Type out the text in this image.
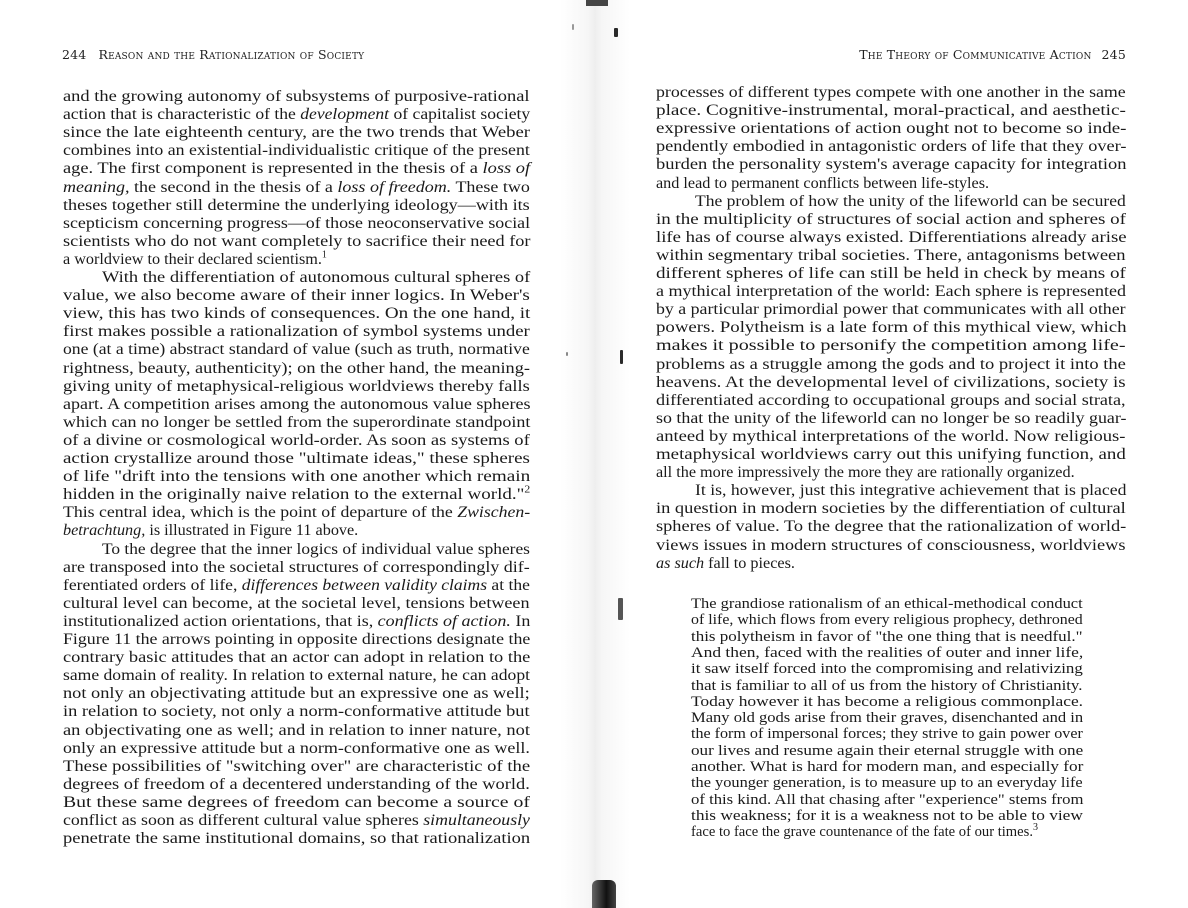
244 Reason and the Rationalization of Society
and the growing autonomy of subsystems of purposive-rational
action that is characteristic of the development of capitalist society
since the late eighteenth century, are the two trends that Weber
combines into an existential-individualistic critique of the present
age. The first component is represented in the thesis of a loss of
meaning, the second in the thesis of a loss of freedom. These two
theses together still determine the underlying ideology—with its
scepticism concerning progress—of those neoconservative social
scientists who do not want completely to sacrifice their need for
a worldview to their declared scientism.$^1$
With the differentiation of autonomous cultural spheres of
value, we also become aware of their inner logics. In Weber's
view, this has two kinds of consequences. On the one hand, it
first makes possible a rationalization of symbol systems under
one (at a time) abstract standard of value (such as truth, normative
rightness, beauty, authenticity); on the other hand, the meaning-
giving unity of metaphysical-religious worldviews thereby falls
apart. A competition arises among the autonomous value spheres
which can no longer be settled from the superordinate standpoint
of a divine or cosmological world-order. As soon as systems of
action crystallize around those "ultimate ideas," these spheres
of life "drift into the tensions with one another which remain
hidden in the originally naive relation to the external world."$^2$
This central idea, which is the point of departure of the Zwischen-
betrachtung, is illustrated in Figure 11 above.
To the degree that the inner logics of individual value spheres
are transposed into the societal structures of correspondingly dif-
ferentiated orders of life, differences between validity claims at the
cultural level can become, at the societal level, tensions between
institutionalized action orientations, that is, conflicts of action. In
Figure 11 the arrows pointing in opposite directions designate the
contrary basic attitudes that an actor can adopt in relation to the
same domain of reality. In relation to external nature, he can adopt
not only an objectivating attitude but an expressive one as well;
in relation to society, not only a norm-conformative attitude but
an objectivating one as well; and in relation to inner nature, not
only an expressive attitude but a norm-conformative one as well.
These possibilities of "switching over" are characteristic of the
degrees of freedom of a decentered understanding of the world.
But these same degrees of freedom can become a source of
conflict as soon as different cultural value spheres simultaneously
penetrate the same institutional domains, so that rationalization
The Theory of Communicative Action 245
processes of different types compete with one another in the same
place. Cognitive-instrumental, moral-practical, and aesthetic-
expressive orientations of action ought not to become so inde-
pendently embodied in antagonistic orders of life that they over-
burden the personality system's average capacity for integration
and lead to permanent conflicts between life-styles.
The problem of how the unity of the lifeworld can be secured
in the multiplicity of structures of social action and spheres of
life has of course always existed. Differentiations already arise
within segmentary tribal societies. There, antagonisms between
different spheres of life can still be held in check by means of
a mythical interpretation of the world: Each sphere is represented
by a particular primordial power that communicates with all other
powers. Polytheism is a late form of this mythical view, which
makes it possible to personify the competition among life-
problems as a struggle among the gods and to project it into the
heavens. At the developmental level of civilizations, society is
differentiated according to occupational groups and social strata,
so that the unity of the lifeworld can no longer be so readily guar-
anteed by mythical interpretations of the world. Now religious-
metaphysical worldviews carry out this unifying function, and
all the more impressively the more they are rationally organized.
It is, however, just this integrative achievement that is placed
in question in modern societies by the differentiation of cultural
spheres of value. To the degree that the rationalization of world-
views issues in modern structures of consciousness, worldviews
as such fall to pieces.
The grandiose rationalism of an ethical-methodical conduct
of life, which flows from every religious prophecy, dethroned
this polytheism in favor of "the one thing that is needful."
And then, faced with the realities of outer and inner life,
it saw itself forced into the compromising and relativizing
that is familiar to all of us from the history of Christianity.
Today however it has become a religious commonplace.
Many old gods arise from their graves, disenchanted and in
the form of impersonal forces; they strive to gain power over
our lives and resume again their eternal struggle with one
another. What is hard for modern man, and especially for
the younger generation, is to measure up to an everyday life
of this kind. All that chasing after "experience" stems from
this weakness; for it is a weakness not to be able to view
face to face the grave countenance of the fate of our times.$^3$
